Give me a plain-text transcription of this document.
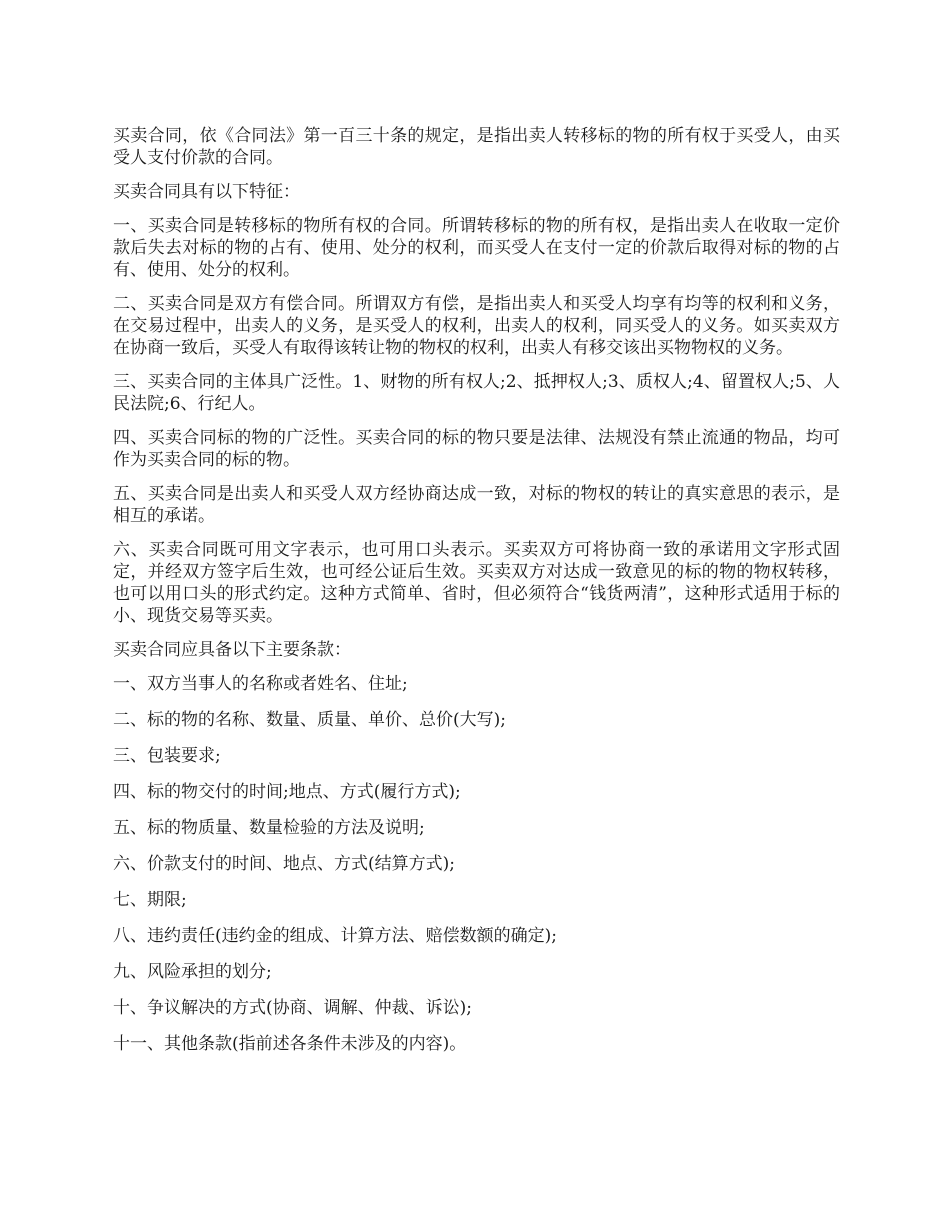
买卖合同，依《合同法》第一百三十条的规定，是指出卖人转移标的物的所有权于买受人，由买受人支付价款的合同。

买卖合同具有以下特征：

一、买卖合同是转移标的物所有权的合同。所谓转移标的物的所有权，是指出卖人在收取一定价款后失去对标的物的占有、使用、处分的权利，而买受人在支付一定的价款后取得对标的物的占有、使用、处分的权利。

二、买卖合同是双方有偿合同。所谓双方有偿，是指出卖人和买受人均享有均等的权利和义务，在交易过程中，出卖人的义务，是买受人的权利，出卖人的权利，同买受人的义务。如买卖双方在协商一致后，买受人有取得该转让物的物权的权利，出卖人有移交该出买物物权的义务。

三、买卖合同的主体具广泛性。1、财物的所有权人;2、抵押权人;3、质权人;4、留置权人;5、人民法院;6、行纪人。

四、买卖合同标的物的广泛性。买卖合同的标的物只要是法律、法规没有禁止流通的物品，均可作为买卖合同的标的物。

五、买卖合同是出卖人和买受人双方经协商达成一致，对标的物权的转让的真实意思的表示，是相互的承诺。

六、买卖合同既可用文字表示，也可用口头表示。买卖双方可将协商一致的承诺用文字形式固定，并经双方签字后生效，也可经公证后生效。买卖双方对达成一致意见的标的物的物权转移，也可以用口头的形式约定。这种方式简单、省时，但必须符合“钱货两清”，这种形式适用于标的小、现货交易等买卖。

买卖合同应具备以下主要条款：

一、双方当事人的名称或者姓名、住址;

二、标的物的名称、数量、质量、单价、总价(大写);

三、包装要求;

四、标的物交付的时间;地点、方式(履行方式);

五、标的物质量、数量检验的方法及说明;

六、价款支付的时间、地点、方式(结算方式);

七、期限;

八、违约责任(违约金的组成、计算方法、赔偿数额的确定);

九、风险承担的划分;

十、争议解决的方式(协商、调解、仲裁、诉讼);

十一、其他条款(指前述各条件未涉及的内容)。
